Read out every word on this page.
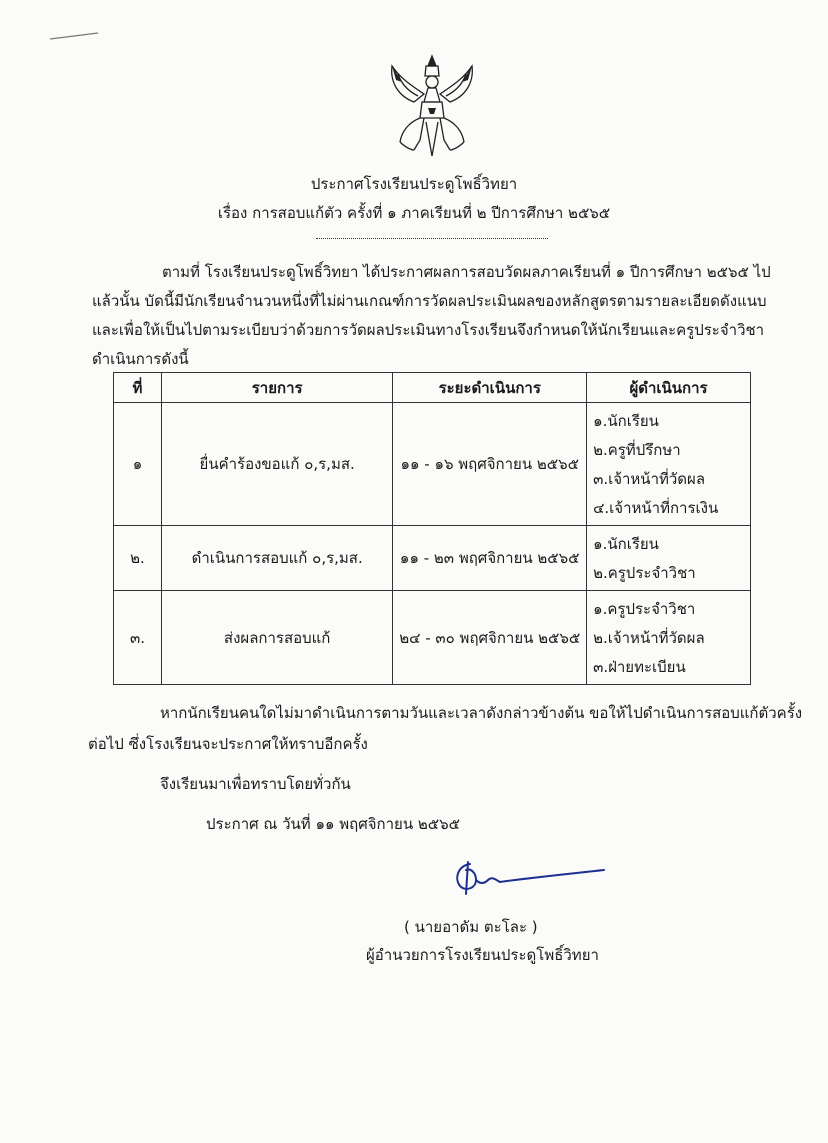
ประกาศโรงเรียนประดูโพธิ์วิทยา
เรื่อง การสอบแก้ตัว ครั้งที่ ๑ ภาคเรียนที่ ๒ ปีการศึกษา ๒๕๖๕
ตามที่ โรงเรียนประดูโพธิ์วิทยา ได้ประกาศผลการสอบวัดผลภาคเรียนที่ ๑ ปีการศึกษา ๒๕๖๕ ไป
แล้วนั้น บัดนี้มีนักเรียนจำนวนหนึ่งที่ไม่ผ่านเกณฑ์การวัดผลประเมินผลของหลักสูตรตามรายละเอียดดังแนบ
และเพื่อให้เป็นไปตามระเบียบว่าด้วยการวัดผลประเมินทางโรงเรียนจึงกำหนดให้นักเรียนและครูประจำวิชา
ดำเนินการดังนี้
ที่	รายการ	ระยะดำเนินการ	ผู้ดำเนินการ
๑	ยื่นคำร้องขอแก้ ๐,ร,มส.	๑๑ - ๑๖ พฤศจิกายน ๒๕๖๕	๑.นักเรียน
๒.ครูที่ปรึกษา
๓.เจ้าหน้าที่วัดผล
๔.เจ้าหน้าที่การเงิน

๒.	ดำเนินการสอบแก้ ๐,ร,มส.	๑๑ - ๒๓ พฤศจิกายน ๒๕๖๕	๑.นักเรียน
๒.ครูประจำวิชา

๓.	ส่งผลการสอบแก้	๒๔ - ๓๐ พฤศจิกายน ๒๕๖๕	๑.ครูประจำวิชา
๒.เจ้าหน้าที่วัดผล
๓.ฝ่ายทะเบียน
หากนักเรียนคนใดไม่มาดำเนินการตามวันและเวลาดังกล่าวข้างต้น ขอให้ไปดำเนินการสอบแก้ตัวครั้ง
ต่อไป ซึ่งโรงเรียนจะประกาศให้ทราบอีกครั้ง
จึงเรียนมาเพื่อทราบโดยทั่วกัน
ประกาศ ณ วันที่ ๑๑ พฤศจิกายน ๒๕๖๕
( นายอาดัม ตะโละ )
ผู้อำนวยการโรงเรียนประดูโพธิ์วิทยา
